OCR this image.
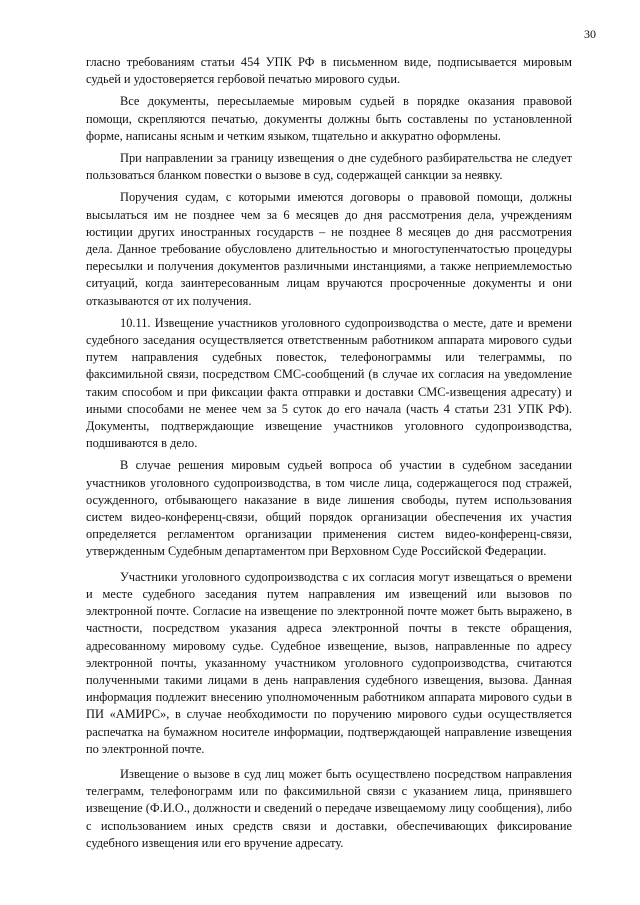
30

гласно требованиям статьи 454 УПК РФ в письменном виде, подписывается мировым судьей и удостоверяется гербовой печатью мирового судьи.

Все документы, пересылаемые мировым судьей в порядке оказания правовой помощи, скрепляются печатью, документы должны быть составлены по установленной форме, написаны ясным и четким языком, тщательно и аккуратно оформлены.

При направлении за границу извещения о дне судебного разбирательства не следует пользоваться бланком повестки о вызове в суд, содержащей санкции за неявку.

Поручения судам, с которыми имеются договоры о правовой помощи, должны высылаться им не позднее чем за 6 месяцев до дня рассмотрения дела, учреждениям юстиции других иностранных государств – не позднее 8 месяцев до дня рассмотрения дела. Данное требование обусловлено длительностью и многоступенчатостью процедуры пересылки и получения документов различными инстанциями, а также неприемлемостью ситуаций, когда заинтересованным лицам вручаются просроченные документы и они отказываются от их получения.

10.11. Извещение участников уголовного судопроизводства о месте, дате и времени судебного заседания осуществляется ответственным работником аппарата мирового судьи путем направления судебных повесток, телефонограммы или телеграммы, по факсимильной связи, посредством СМС-сообщений (в случае их согласия на уведомление таким способом и при фиксации факта отправки и доставки СМС-извещения адресату) и иными способами не менее чем за 5 суток до его начала (часть 4 статьи 231 УПК РФ). Документы, подтверждающие извещение участников уголовного судопроизводства, подшиваются в дело.

В случае решения мировым судьей вопроса об участии в судебном заседании участников уголовного судопроизводства, в том числе лица, содержащегося под стражей, осужденного, отбывающего наказание в виде лишения свободы, путем использования систем видео-конференц-связи, общий порядок организации обеспечения их участия определяется регламентом организации применения систем видео-конференц-связи, утвержденным Судебным департаментом при Верховном Суде Российской Федерации.

Участники уголовного судопроизводства с их согласия могут извещаться о времени и месте судебного заседания путем направления им извещений или вызовов по электронной почте. Согласие на извещение по электронной почте может быть выражено, в частности, посредством указания адреса электронной почты в тексте обращения, адресованному мировому судье. Судебное извещение, вызов, направленные по адресу электронной почты, указанному участником уголовного судопроизводства, считаются полученными такими лицами в день направления судебного извещения, вызова. Данная информация подлежит внесению уполномоченным работником аппарата мирового судьи в ПИ «АМИРС», в случае необходимости по поручению мирового судьи осуществляется распечатка на бумажном носителе информации, подтверждающей направление извещения по электронной почте.

Извещение о вызове в суд лиц может быть осуществлено посредством направления телеграмм, телефонограмм или по факсимильной связи с указанием лица, принявшего извещение (Ф.И.О., должности и сведений о передаче извещаемому лицу сообщения), либо с использованием иных средств связи и доставки, обеспечивающих фиксирование судебного извещения или его вручение адресату.
